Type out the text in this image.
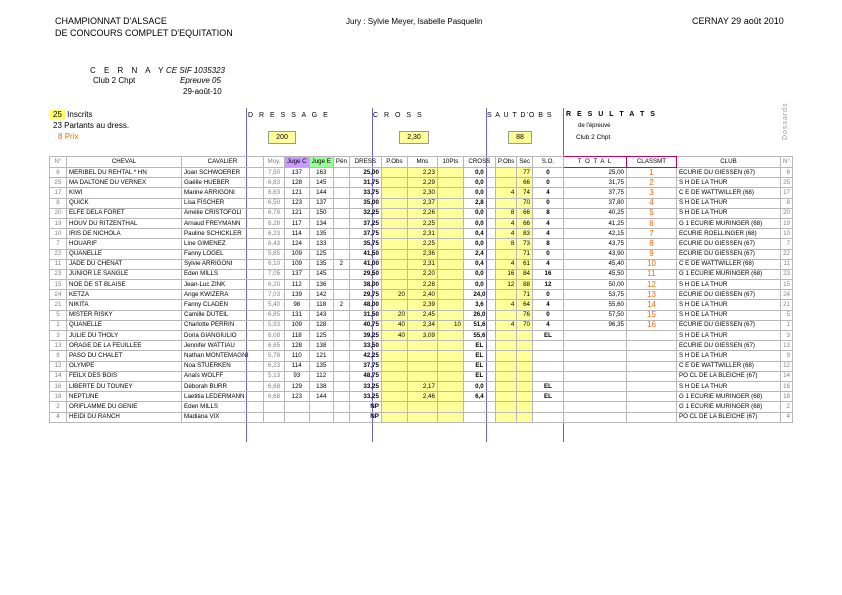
CHAMPIONNAT D'ALSACE
DE CONCOURS COMPLET D'EQUITATION
Jury : Sylvie Meyer, Isabelle Pasquelin	CERNAY 29 août 2010
C E R N A Y
Club 2 Chpt
CE SIF 1035323
Epreuve 05
29-août-10
25 Inscrits
23 Partants au dress.
8 Prix
D R E S S A G E	C R O S S	S A U T D'O B S R E S U L T A T S
de l'épreuve
Club 2 Chpt	Dossards
200	2,30	88
N°	CHEVAL	CAVALIER	Moy.	Juge C	Juge E	Pén	DRESS	P.Obs	Mns	10Pts	CROSS	P.Obs	Sec	S.O.	T O T A L	CLASSMT	CLUB	N°
6	MERIBEL DU REHTAL * HN	Joan SCHWOERER	7,50	137	163		25,00		2,23		0,0		77	0	25,00	1	ECURIE DU GIESSEN (67)	6
25	MA DALTONE DU VERNEX	Gaëlle HUEBER	6,83	128	145		31,75		2,29		0,0		66	0	31,75	2	S H DE LA THUR	25
17	KIWI	Marine ARRIGONI	6,63	121	144		33,75		2,30		0,0	4	74	4	37,75	3	C E DE WATTWILLER (68)	17
8	QUICK	Lisa FISCHER	6,50	123	137		35,00		2,37		2,8		70	0	37,80	4	S H DE LA THUR	8
20	ELFE DELA FORET	Amélie CRISTOFOLI	6,78	121	150		32,25		2,26		0,0	8	66	8	40,25	5	S H DE LA THUR	20
19	HOUV DU RITZENTHAL	Arnaud FREYMANN	6,28	117	134		37,25		2,25		0,0	4	66	4	41,25	6	G 1 ECURIE MURINGER (68)	19
10	IRIS DE NICHOLA	Pauline SCHICKLER	6,23	114	135		37,75		2,31		0,4	4	83	4	42,15	7	ECURIE ROELLINGER (68)	10
7	HOUARIF	Line GIMENEZ	6,43	124	133		35,75		2,25		0,0	8	73	8	43,75	8	ECURIE DU GIESSEN (67)	7
22	QUANELLE	Fanny LOGEL	5,85	109	125		41,50		2,36		2,4		71	0	43,90	9	ECURIE DU GIESSEN (67)	22
11	JADE DU CHENAT	Sylvie ARRIGONI	6,10	109	135	2	41,00		2,31		0,4	4	61	4	45,40	10	C E DE WATTWILLER (68)	11
23	JUNIOR LE SANGLE	Eden MILLS	7,05	137	145		29,50		2,20		0,0	16	84	16	45,50	11	G 1 ECURIE MURINGER (68)	23
15	NOE DE ST BLAISE	Jean-Luc ZINK	6,20	112	136		38,00		2,28		0,0	12	88	12	50,00	12	S H DE LA THUR	15
24	KETZA	Ange KWIZERA	7,03	139	142		29,75	20	2,40		24,0		71	0	53,75	13	ECURIE DU GIESSEN (67)	24
21	NIKITA	Fanny CLADEN	5,40	98	118	2	48,00		2,39		3,6	4	64	4	55,60	14	S H DE LA THUR	21
5	MISTER RISKY	Camille DUTEIL	6,85	131	143		31,50	20	2,45		26,0		76	0	57,50	15	S H DE LA THUR	5
1	QUANELLE	Charlotte PERRIN	5,93	109	128		40,75	40	2,34	10	51,6	4	70	4	96,35	16	ECURIE DU GIESSEN (67)	1
3	JULIE DU THOLY	Doria GIANGIULIO	6,08	118	125		39,25	40	3,09		55,6			EL			S H DE LA THUR	3
13	ORAGE DE LA FEUILLEE	Jennifer WATTIAU	6,65	128	138		33,50				EL						ECURIE DU GIESSEN (67)	13
9	PASO DU CHALET	Nathan MONTEMAGNI	5,78	110	121		42,25				EL						S H DE LA THUR	9
12	OLYMPE	Noa STUERKEN	6,23	114	135		37,75				EL						C E DE WATTWILLER (68)	12
14	FEILX DES BOIS	Anaïs WOLFF	5,13	93	112		48,75				EL						PO CL DE LA BLEICHE (67)	14
16	LIBERTE DU TOUNEY	Déborah BURR	6,68	129	138		33,25		2,17		0,0			EL			S H DE LA THUR	16
18	NEPTUNE	Laetitia LEDERMANN	6,68	123	144		33,25		2,46		6,4			EL			G 1 ECURIE MURINGER (68)	18
2	ORIFLAMME DU GENIE	Eden MILLS					NP										G 1 ECURIE MURINGER (68)	2
4	HEIDI DU RANCH	Madiana VIX					NP										PO CL DE LA BLEICHE (67)	4
